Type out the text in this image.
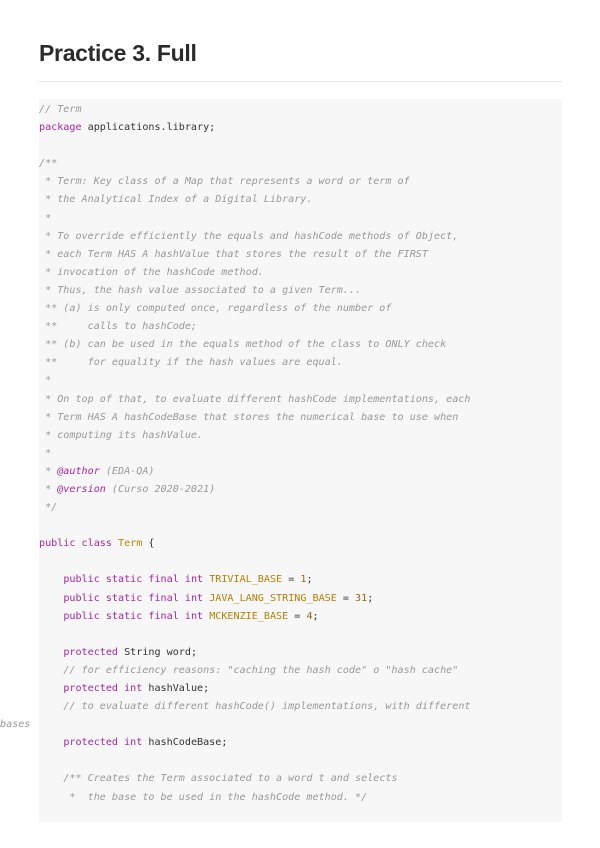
Practice 3. Full
// Term
package applications.library;
/**
* Term: Key class of a Map that represents a word or term of
* the Analytical Index of a Digital Library.
*
* To override efficiently the equals and hashCode methods of Object,
* each Term HAS A hashValue that stores the result of the FIRST
* invocation of the hashCode method.
* Thus, the hash value associated to a given Term...
** (a) is only computed once, regardless of the number of
**     calls to hashCode;
** (b) can be used in the equals method of the class to ONLY check
**     for equality if the hash values are equal.
*
* On top of that, to evaluate different hashCode implementations, each
* Term HAS A hashCodeBase that stores the numerical base to use when
* computing its hashValue.
*
* @author (EDA-QA)
* @version (Curso 2020-2021)
*/
public class Term {
public static final int TRIVIAL_BASE = 1;
public static final int JAVA_LANG_STRING_BASE = 31;
public static final int MCKENZIE_BASE = 4;
protected String word;
// for efficiency reasons: "caching the hash code" o "hash cache"
protected int hashValue;
// to evaluate different hashCode() implementations, with different
bases
protected int hashCodeBase;
/** Creates the Term associated to a word t and selects
*  the base to be used in the hashCode method. */
